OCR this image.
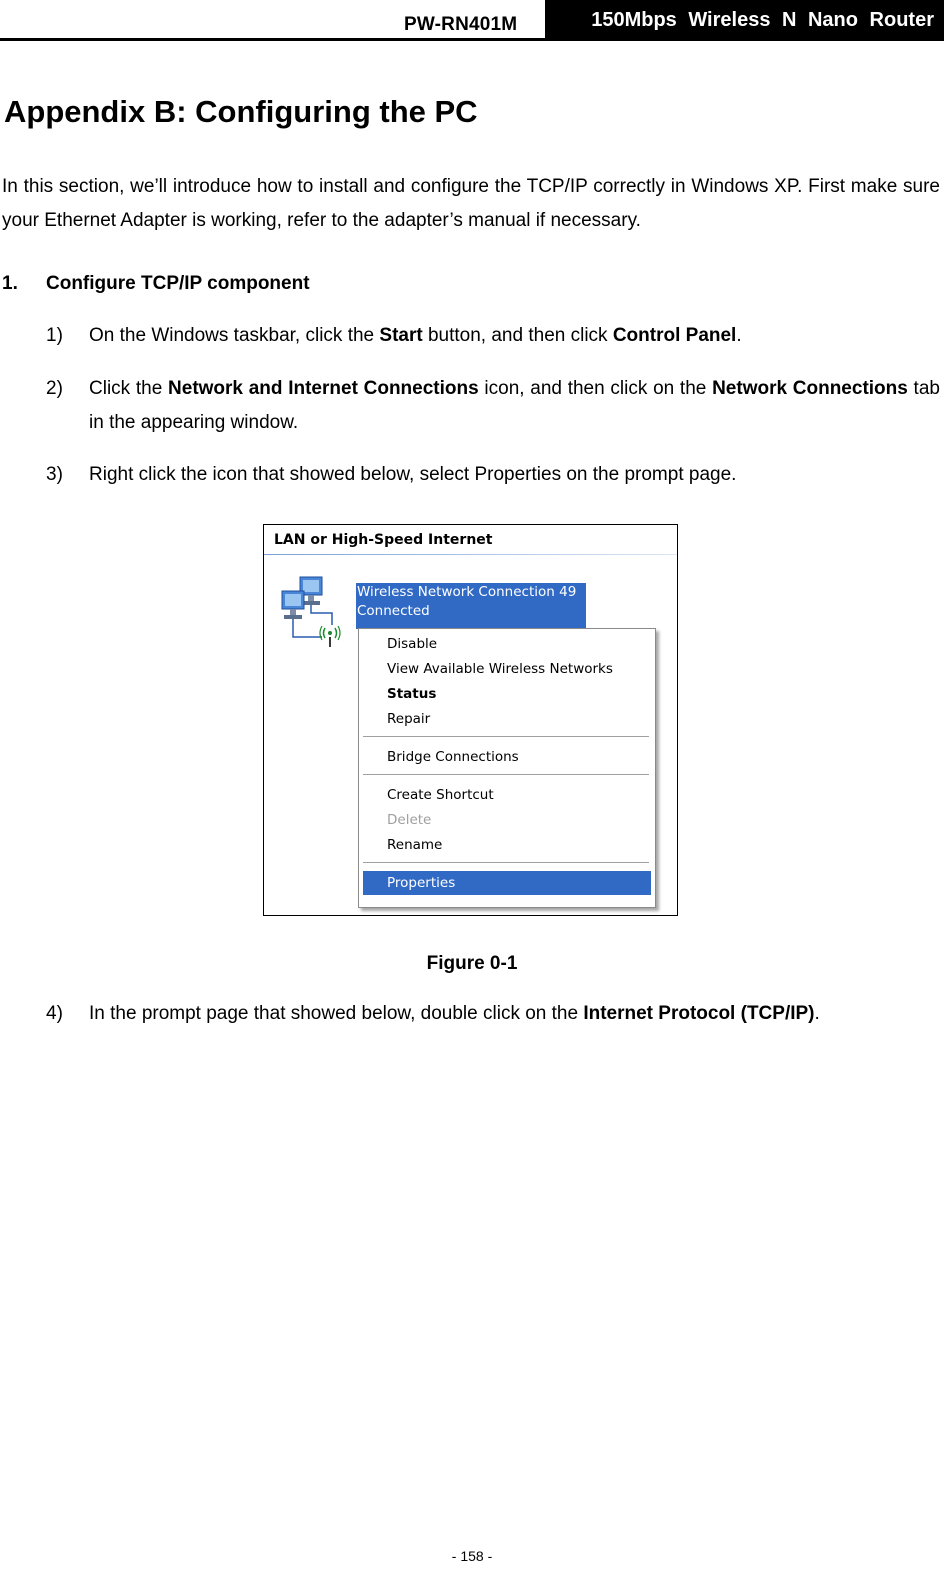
PW-RN401M	150Mbps Wireless N Nano Router
Appendix B: Configuring the PC
In this section, we’ll introduce how to install and configure the TCP/IP correctly in Windows XP. First make sure your Ethernet Adapter is working, refer to the adapter’s manual if necessary.
1. Configure TCP/IP component
1) On the Windows taskbar, click the Start button, and then click Control Panel.
2) Click the Network and Internet Connections icon, and then click on the Network Connections tab in the appearing window.
3) Right click the icon that showed below, select Properties on the prompt page.
LAN or High-Speed Internet
Wireless Network Connection 49
Connected
Disable
View Available Wireless Networks
Status
Repair
Bridge Connections
Create Shortcut
Delete
Rename
Properties
Figure 0-1
4) In the prompt page that showed below, double click on the Internet Protocol (TCP/IP).
- 158 -
